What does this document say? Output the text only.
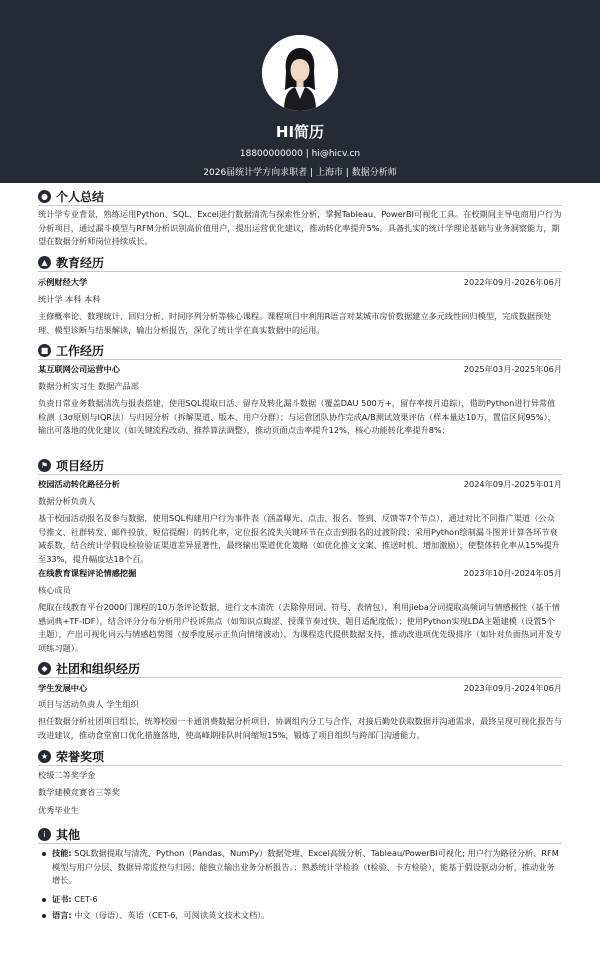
HI简历
18800000000 | hi@hicv.cn
2026届统计学方向求职者 | 上海市 | 数据分析师
● 个人总结
统计学专业背景，熟练运用Python、SQL、Excel进行数据清洗与探索性分析，掌握Tableau、PowerBI可视化工具。在校期间主导电商用户行为分析项目，通过漏斗模型与RFM分析识别高价值用户，提出运营优化建议，推动转化率提升5%。具备扎实的统计学理论基础与业务洞察能力，期望在数据分析师岗位持续成长。
▲ 教育经历
示例财经大学	2022年09月-2026年06月
统计学 本科 本科
主修概率论、数理统计、回归分析、时间序列分析等核心课程。课程项目中利用R语言对某城市房价数据建立多元线性回归模型，完成数据预处理、模型诊断与结果解读，输出分析报告，深化了统计学在真实数据中的运用。
■ 工作经历
某互联网公司运营中心	2025年03月-2025年06月
数据分析实习生 数据产品部
负责日常业务数据清洗与报表搭建，使用SQL提取日活、留存及转化漏斗数据（覆盖DAU 500万+，留存率按月追踪），借助Python进行异常值检测（3σ原则与IQR法）与归因分析（拆解渠道、版本、用户分群）；与运营团队协作完成A/B测试效果评估（样本量达10万，置信区间95%），输出可落地的优化建议（如关键流程改动、推荐算法调整），推动页面点击率提升12%，核心功能转化率提升8%；
⚑ 项目经历
校园活动转化路径分析	2024年09月-2025年01月
数据分析负责人
基于校园活动报名及参与数据，使用SQL构建用户行为事件表（涵盖曝光、点击、报名、签到、反馈等7个节点），通过对比不同推广渠道（公众号推文、社群转发、邮件投放、短信提醒）的转化率，定位报名流失关键环节在点击到报名的过渡阶段；采用Python绘制漏斗图并计算各环节衰减系数，结合统计学假设检验验证渠道差异显著性，最终输出渠道优化策略（如优化推文文案、推送时机、增加激励），使整体转化率从15%提升至33%，提升幅度达18个百。
在线教育课程评论情感挖掘	2023年10月-2024年05月
核心成员
爬取在线教育平台2000门课程的10万条评论数据，进行文本清洗（去除停用词、符号、表情包），利用jieba分词提取高频词与情感极性（基于情感词典+TF-IDF），结合评分分布分析用户投诉焦点（如知识点晦涩、授课节奏过快、题目适配度低）；使用Python实现LDA主题建模（设置5个主题），产出可视化词云与情感趋势图（按季度展示正负向情绪波动），为课程迭代提供数据支持，推动改进项优先级排序（如针对负面热词开发专项练习题）。
◆ 社团和组织经历
学生发展中心	2023年09月-2024年06月
项目与活动负责人 学生组织
担任数据分析社团项目组长，统筹校园一卡通消费数据分析项目，协调组内分工与合作，对接后勤处获取数据并沟通需求，最终呈现可视化报告与改进建议，推动食堂窗口优化措施落地，使高峰期排队时间缩短15%，锻炼了项目组织与跨部门沟通能力。
★ 荣誉奖项
校级二等奖学金
数学建模竞赛省三等奖
优秀毕业生
i 其他
技能: SQL数据提取与清洗、Python（Pandas、NumPy）数据处理、Excel高级分析、Tableau/PowerBI可视化; 用户行为路径分析、RFM模型与用户分层、数据异常监控与归因；能独立输出业务分析报告。；熟悉统计学检验（t检验、卡方检验），能基于假设驱动分析，推动业务增长。
证书: CET-6
语言: 中文（母语）、英语（CET-6，可阅读英文技术文档）。
